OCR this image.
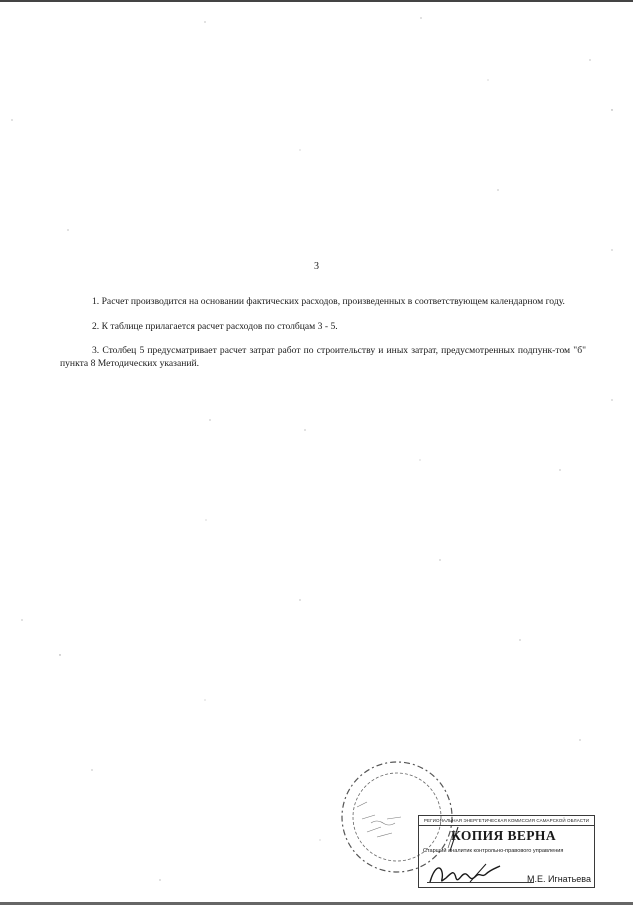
3

1. Расчет производится на основании фактических расходов, произведенных в соответствующем календарном году.

2. К таблице прилагается расчет расходов по столбцам 3 - 5.

3. Столбец 5 предусматривает расчет затрат работ по строительству и иных затрат, предусмотренных подпунк-том "б" пункта 8 Методических указаний.

РЕГИОНАЛЬНАЯ ЭНЕРГЕТИЧЕСКАЯ КОМИССИЯ САМАРСКОЙ ОБЛАСТИ
КОПИЯ ВЕРНА
Старший аналитик контрольно-правового управления
М.Е. Игнатьева
